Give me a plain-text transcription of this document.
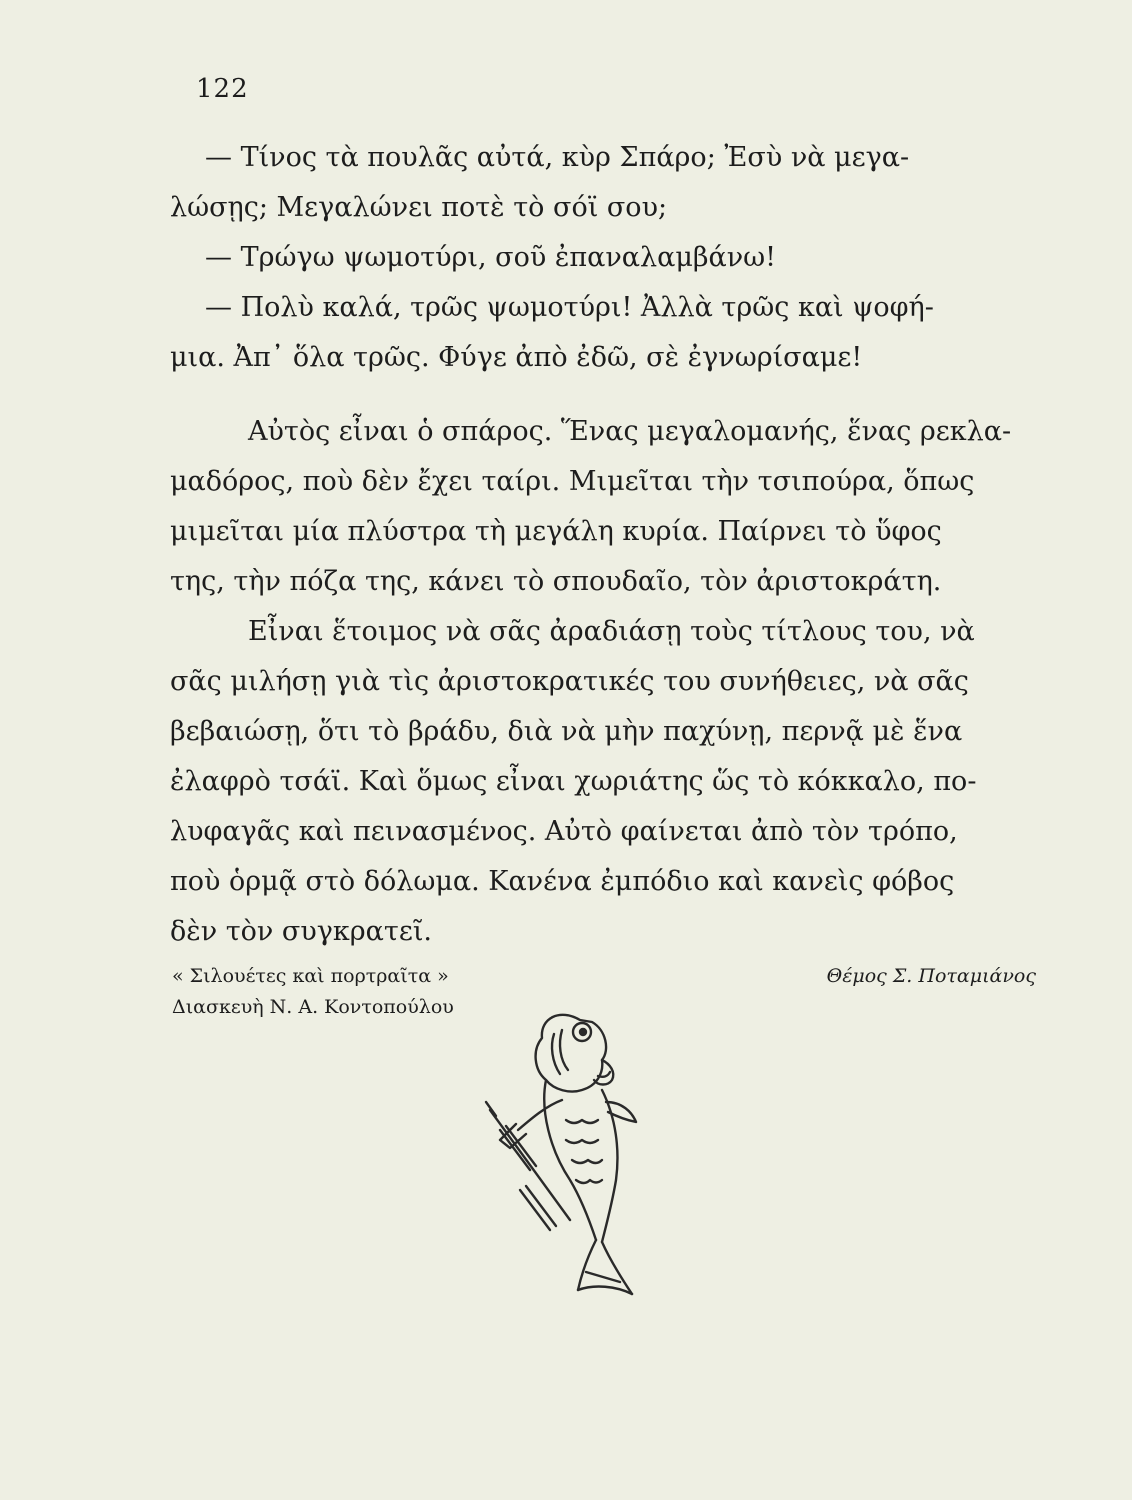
122
— Τίνος τὰ πουλᾶς αὐτά, κὺρ Σπάρο; Ἐσὺ νὰ μεγα-
λώσῃς; Μεγαλώνει ποτὲ τὸ σόϊ σου;
— Τρώγω ψωμοτύρι, σοῦ ἐπαναλαμβάνω!
— Πολὺ καλά, τρῶς ψωμοτύρι! Ἀλλὰ τρῶς καὶ ψοφή-
μια. Ἀπ᾿ ὅλα τρῶς. Φύγε ἀπὸ ἐδῶ, σὲ ἐγνωρίσαμε!
Αὐτὸς εἶναι ὁ σπάρος. Ἕνας μεγαλομανής, ἕνας ρεκλα-
μαδόρος, ποὺ δὲν ἔχει ταίρι. Μιμεῖται τὴν τσιπούρα, ὅπως
μιμεῖται μία πλύστρα τὴ μεγάλη κυρία. Παίρνει τὸ ὕφος
της, τὴν πόζα της, κάνει τὸ σπουδαῖο, τὸν ἀριστοκράτη.
Εἶναι ἕτοιμος νὰ σᾶς ἀραδιάσῃ τοὺς τίτλους του, νὰ
σᾶς μιλήσῃ γιὰ τὶς ἀριστοκρατικές του συνήθειες, νὰ σᾶς
βεβαιώσῃ, ὅτι τὸ βράδυ, διὰ νὰ μὴν παχύνῃ, περνᾷ μὲ ἕνα
ἐλαφρὸ τσάϊ. Καὶ ὅμως εἶναι χωριάτης ὥς τὸ κόκκαλο, πο-
λυφαγᾶς καὶ πεινασμένος. Αὐτὸ φαίνεται ἀπὸ τὸν τρόπο,
ποὺ ὁρμᾷ στὸ δόλωμα. Κανένα ἐμπόδιο καὶ κανεὶς φόβος
δὲν τὸν συγκρατεῖ.
« Σιλουέτες καὶ πορτραῖτα »
Διασκευὴ Ν. Α. Κοντοπούλου
Θέμος Σ. Ποταμιάνος
